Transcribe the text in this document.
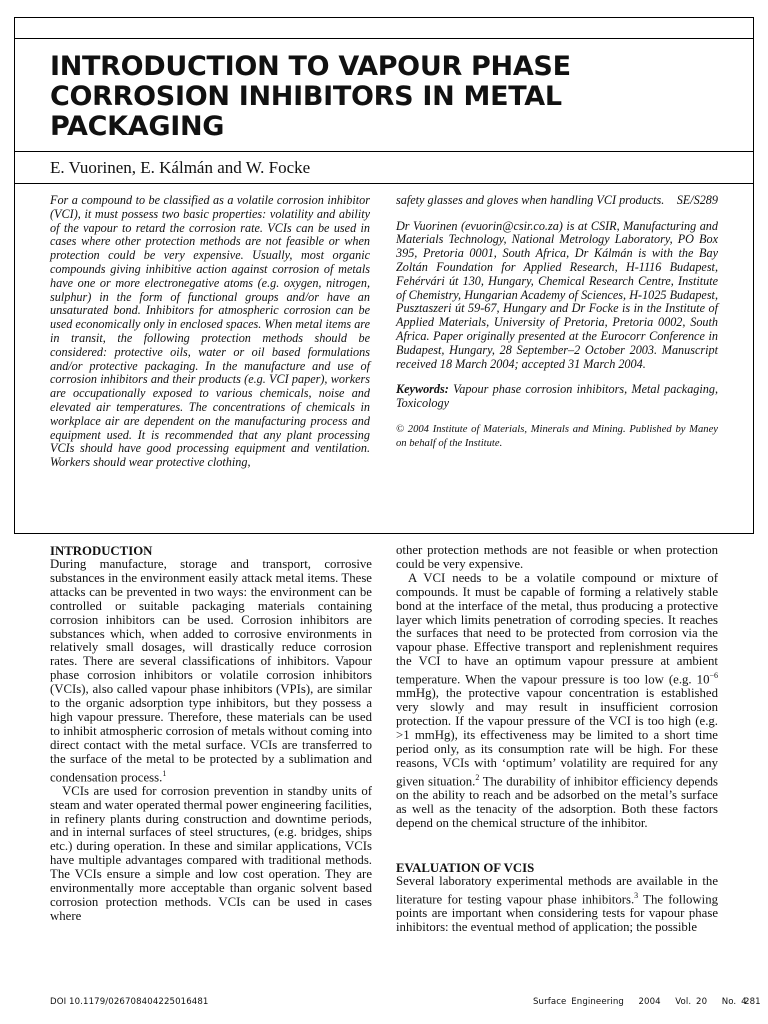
INTRODUCTION TO VAPOUR PHASE CORROSION INHIBITORS IN METAL PACKAGING
E. Vuorinen, E. Kálmán and W. Focke

For a compound to be classified as a volatile corrosion inhibitor (VCI), it must possess two basic properties: volatility and ability of the vapour to retard the corrosion rate. VCIs can be used in cases where other protection methods are not feasible or when protection could be very expensive. Usually, most organic compounds giving inhibitive action against corrosion of metals have one or more electronegative atoms (e.g. oxygen, nitrogen, sulphur) in the form of functional groups and/or have an unsaturated bond. Inhibitors for atmospheric corrosion can be used economically only in enclosed spaces. When metal items are in transit, the following protection methods should be considered: protective oils, water or oil based formulations and/or protective packaging. In the manufacture and use of corrosion inhibitors and their products (e.g. VCI paper), workers are occupationally exposed to various chemicals, noise and elevated air temperatures. The concentrations of chemicals in workplace air are dependent on the manufacturing process and equipment used. It is recommended that any plant processing VCIs should have good processing equipment and ventilation. Workers should wear protective clothing,

safety glasses and gloves when handling VCI products.	SE/S289

Dr Vuorinen (evuorin@csir.co.za) is at CSIR, Manufacturing and Materials Technology, National Metrology Laboratory, PO Box 395, Pretoria 0001, South Africa, Dr Kálmán is with the Bay Zoltán Foundation for Applied Research, H-1116 Budapest, Fehérvári út 130, Hungary, Chemical Research Centre, Institute of Chemistry, Hungarian Academy of Sciences, H-1025 Budapest, Pusztaszeri út 59-67, Hungary and Dr Focke is in the Institute of Applied Materials, University of Pretoria, Pretoria 0002, South Africa. Paper originally presented at the Eurocorr Conference in Budapest, Hungary, 28 September–2 October 2003. Manuscript received 18 March 2004; accepted 31 March 2004.

Keywords: Vapour phase corrosion inhibitors, Metal packaging, Toxicology

© 2004 Institute of Materials, Minerals and Mining. Published by Maney on behalf of the Institute.

INTRODUCTION

During manufacture, storage and transport, corrosive substances in the environment easily attack metal items. These attacks can be prevented in two ways: the environment can be controlled or suitable packaging materials containing corrosion inhibitors can be used. Corrosion inhibitors are substances which, when added to corrosive environments in relatively small dosages, will drastically reduce corrosion rates. There are several classifications of inhibitors. Vapour phase corrosion inhibitors or volatile corrosion inhibitors (VCIs), also called vapour phase inhibitors (VPIs), are similar to the organic adsorption type inhibitors, but they possess a high vapour pressure. Therefore, these materials can be used to inhibit atmospheric corrosion of metals without coming into direct contact with the metal surface. VCIs are transferred to the surface of the metal to be protected by a sublimation and condensation process.$^1$

VCIs are used for corrosion prevention in standby units of steam and water operated thermal power engineering facilities, in refinery plants during construction and downtime periods, and in internal surfaces of steel structures, (e.g. bridges, ships etc.) during operation. In these and similar applications, VCIs have multiple advantages compared with traditional methods. The VCIs ensure a simple and low cost operation. They are environmentally more acceptable than organic solvent based corrosion protection methods. VCIs can be used in cases where

other protection methods are not feasible or when protection could be very expensive.

A VCI needs to be a volatile compound or mixture of compounds. It must be capable of forming a relatively stable bond at the interface of the metal, thus producing a protective layer which limits penetration of corroding species. It reaches the surfaces that need to be protected from corrosion via the vapour phase. Effective transport and replenishment requires the VCI to have an optimum vapour pressure at ambient temperature. When the vapour pressure is too low (e.g. $10^{-6}$ mmHg), the protective vapour concentration is established very slowly and may result in insufficient corrosion protection. If the vapour pressure of the VCI is too high (e.g. >1 mmHg), its effectiveness may be limited to a short time period only, as its consumption rate will be high. For these reasons, VCIs with ‘optimum’ volatility are required for any given situation.$^2$ The durability of inhibitor efficiency depends on the ability to reach and be adsorbed on the metal’s surface as well as the tenacity of the adsorption. Both these factors depend on the chemical structure of the inhibitor.

EVALUATION OF VCIS

Several laboratory experimental methods are available in the literature for testing vapour phase inhibitors.$^3$ The following points are important when considering tests for vapour phase inhibitors: the eventual method of application; the possible

DOI 10.1179/026708404225016481	Surface Engineering 2004 Vol. 20 No. 4
281
